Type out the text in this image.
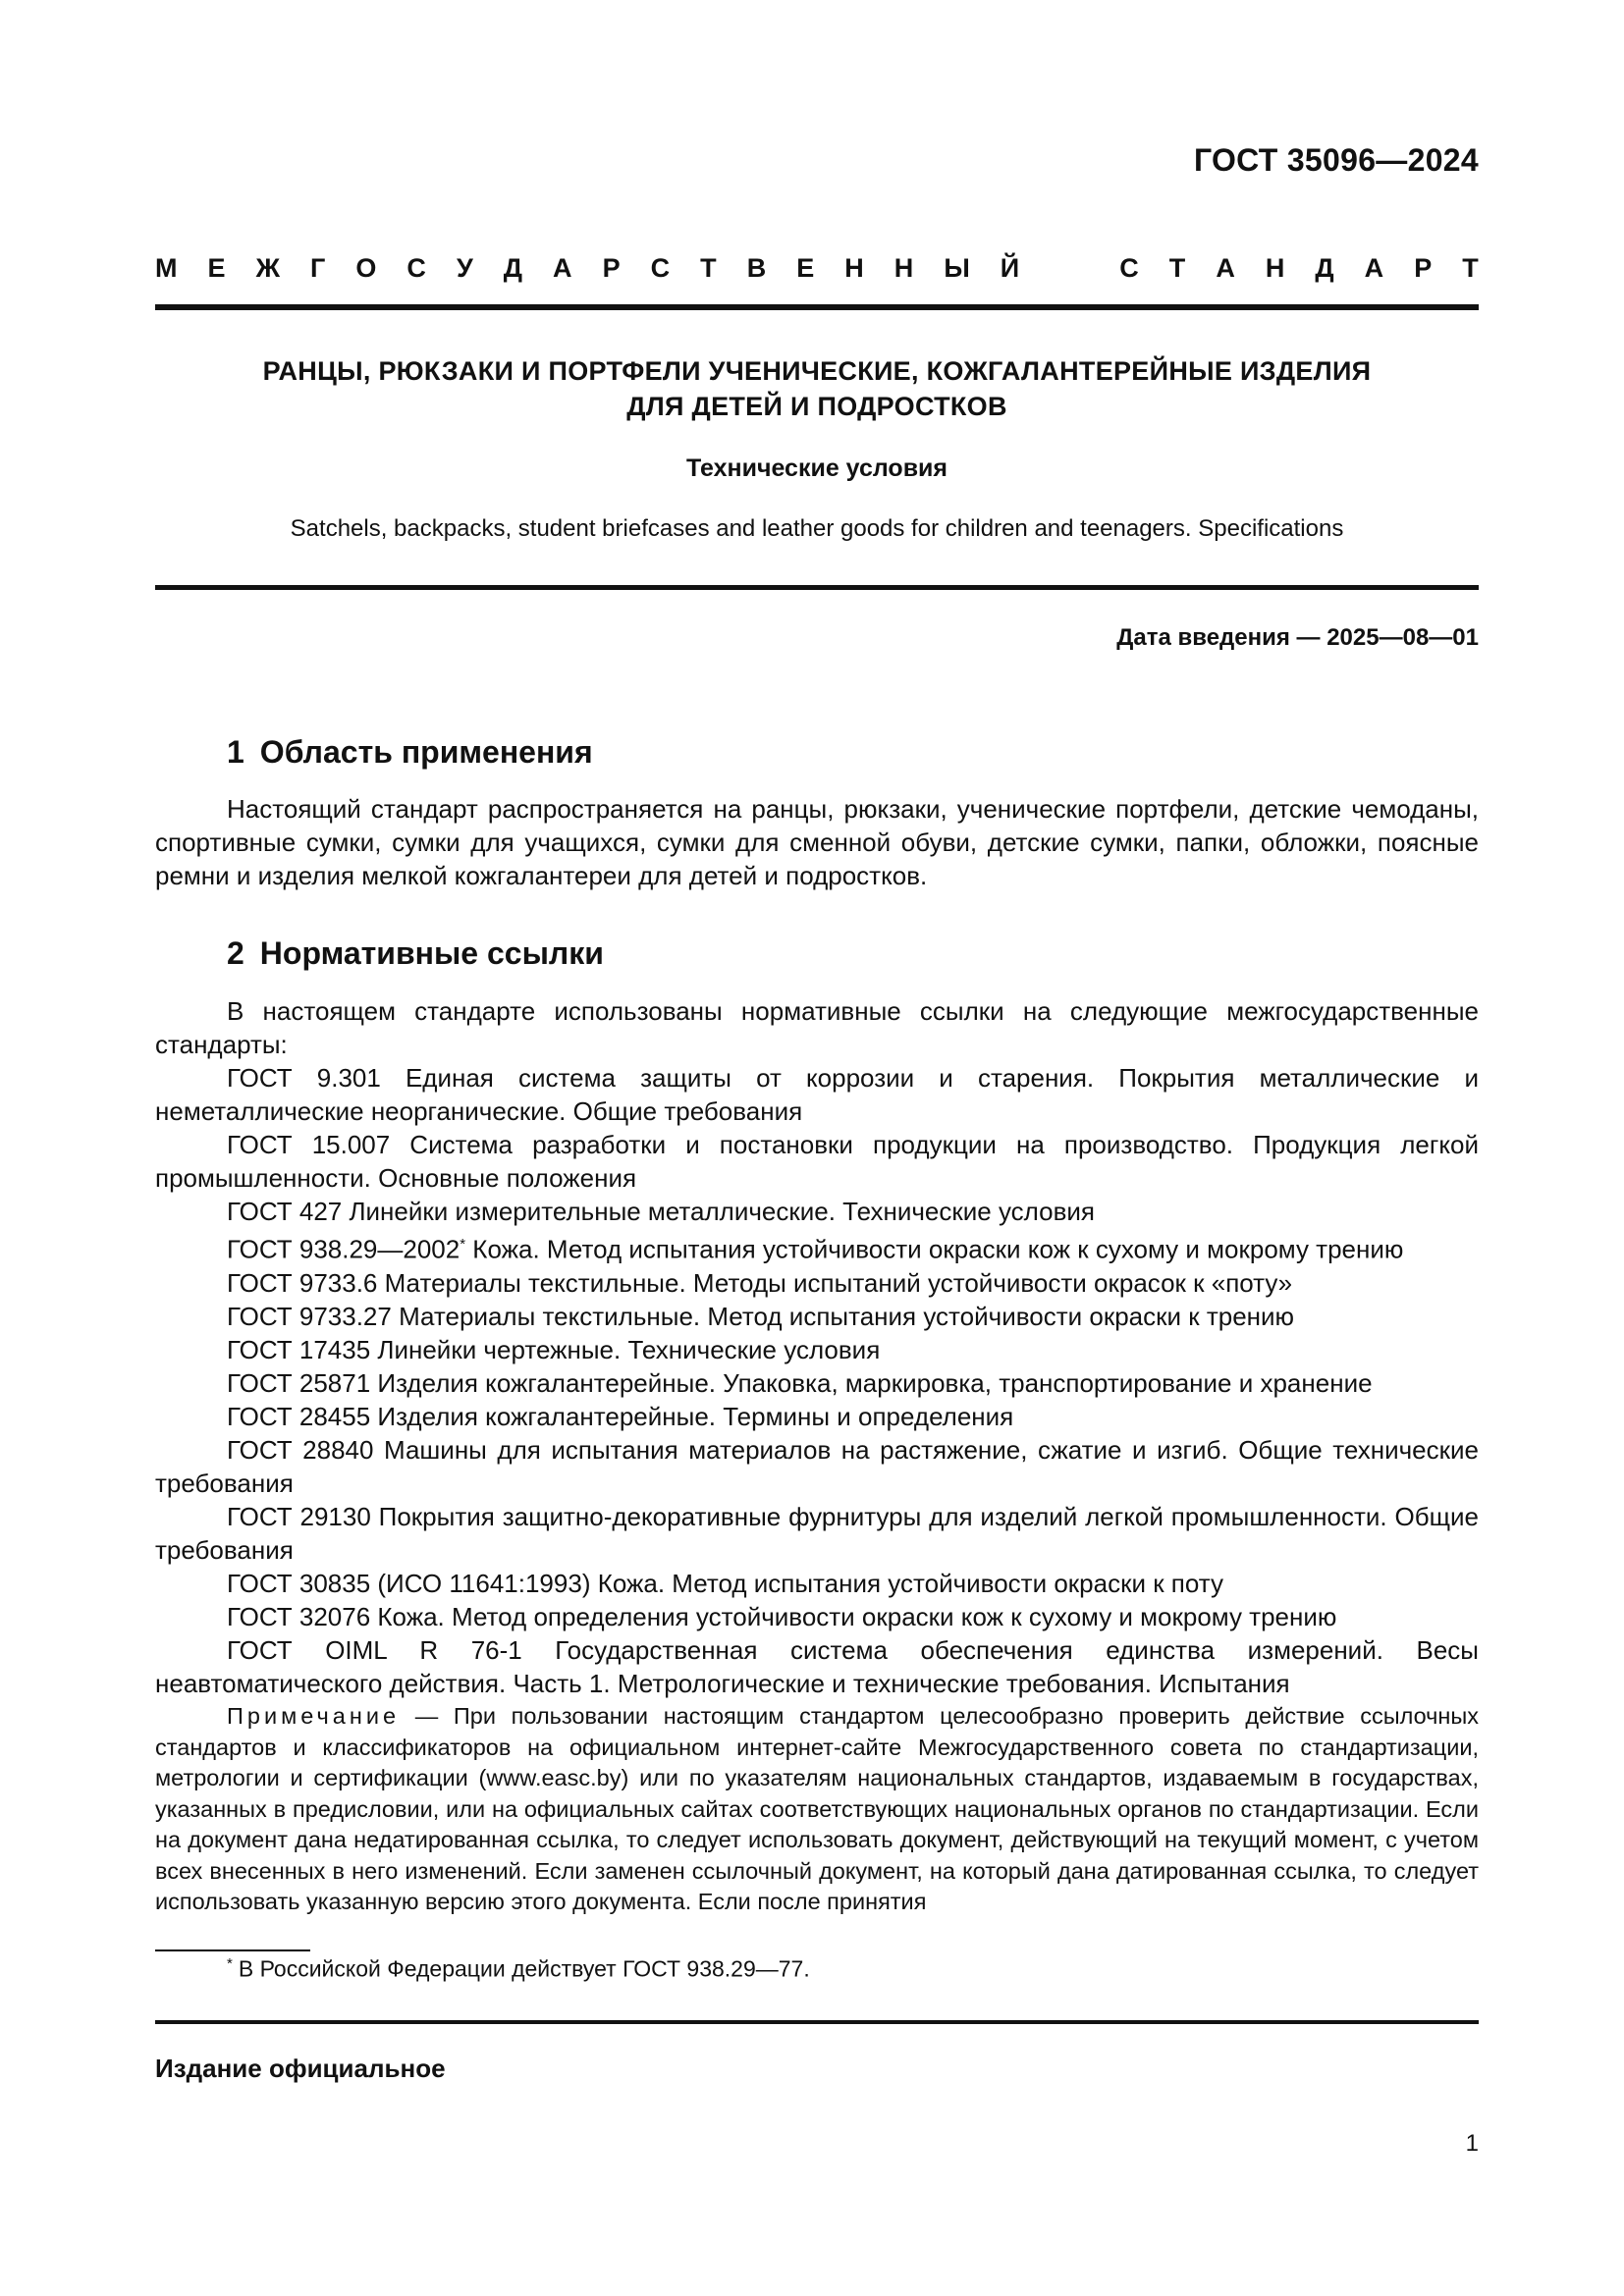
ГОСТ 35096—2024
М Е Ж Г О С У Д А Р С Т В Е Н Н Ы Й	С Т А Н Д А Р Т
РАНЦЫ, РЮКЗАКИ И ПОРТФЕЛИ УЧЕНИЧЕСКИЕ, КОЖГАЛАНТЕРЕЙНЫЕ ИЗДЕЛИЯ
ДЛЯ ДЕТЕЙ И ПОДРОСТКОВ
Технические условия
Satchels, backpacks, student briefcases and leather goods for children and teenagers. Specifications
Дата введения — 2025—08—01
1 Область применения

Настоящий стандарт распространяется на ранцы, рюкзаки, ученические портфели, детские чемоданы, спортивные сумки, сумки для учащихся, сумки для сменной обуви, детские сумки, папки, обложки, поясные ремни и изделия мелкой кожгалантереи для детей и подростков.

2 Нормативные ссылки

В настоящем стандарте использованы нормативные ссылки на следующие межгосударственные стандарты:

ГОСТ 9.301 Единая система защиты от коррозии и старения. Покрытия металлические и неметаллические неорганические. Общие требования
ГОСТ 15.007 Система разработки и постановки продукции на производство. Продукция легкой промышленности. Основные положения
ГОСТ 427 Линейки измерительные металлические. Технические условия
ГОСТ 938.29—2002* Кожа. Метод испытания устойчивости окраски кож к сухому и мокрому трению
ГОСТ 9733.6 Материалы текстильные. Методы испытаний устойчивости окрасок к «поту»
ГОСТ 9733.27 Материалы текстильные. Метод испытания устойчивости окраски к трению
ГОСТ 17435 Линейки чертежные. Технические условия
ГОСТ 25871 Изделия кожгалантерейные. Упаковка, маркировка, транспортирование и хранение
ГОСТ 28455 Изделия кожгалантерейные. Термины и определения
ГОСТ 28840 Машины для испытания материалов на растяжение, сжатие и изгиб. Общие технические требования
ГОСТ 29130 Покрытия защитно-декоративные фурнитуры для изделий легкой промышленности. Общие требования
ГОСТ 30835 (ИСО 11641:1993) Кожа. Метод испытания устойчивости окраски к поту
ГОСТ 32076 Кожа. Метод определения устойчивости окраски кож к сухому и мокрому трению
ГОСТ OIML R 76-1 Государственная система обеспечения единства измерений. Весы неавтоматического действия. Часть 1. Метрологические и технические требования. Испытания

Примечание — При пользовании настоящим стандартом целесообразно проверить действие ссылочных стандартов и классификаторов на официальном интернет-сайте Межгосударственного совета по стандартизации, метрологии и сертификации (www.easc.by) или по указателям национальных стандартов, издаваемым в государствах, указанных в предисловии, или на официальных сайтах соответствующих национальных органов по стандартизации. Если на документ дана недатированная ссылка, то следует использовать документ, действующий на текущий момент, с учетом всех внесенных в него изменений. Если заменен ссылочный документ, на который дана датированная ссылка, то следует использовать указанную версию этого документа. Если после принятия

* В Российской Федерации действует ГОСТ 938.29—77.
Издание официальное
1
